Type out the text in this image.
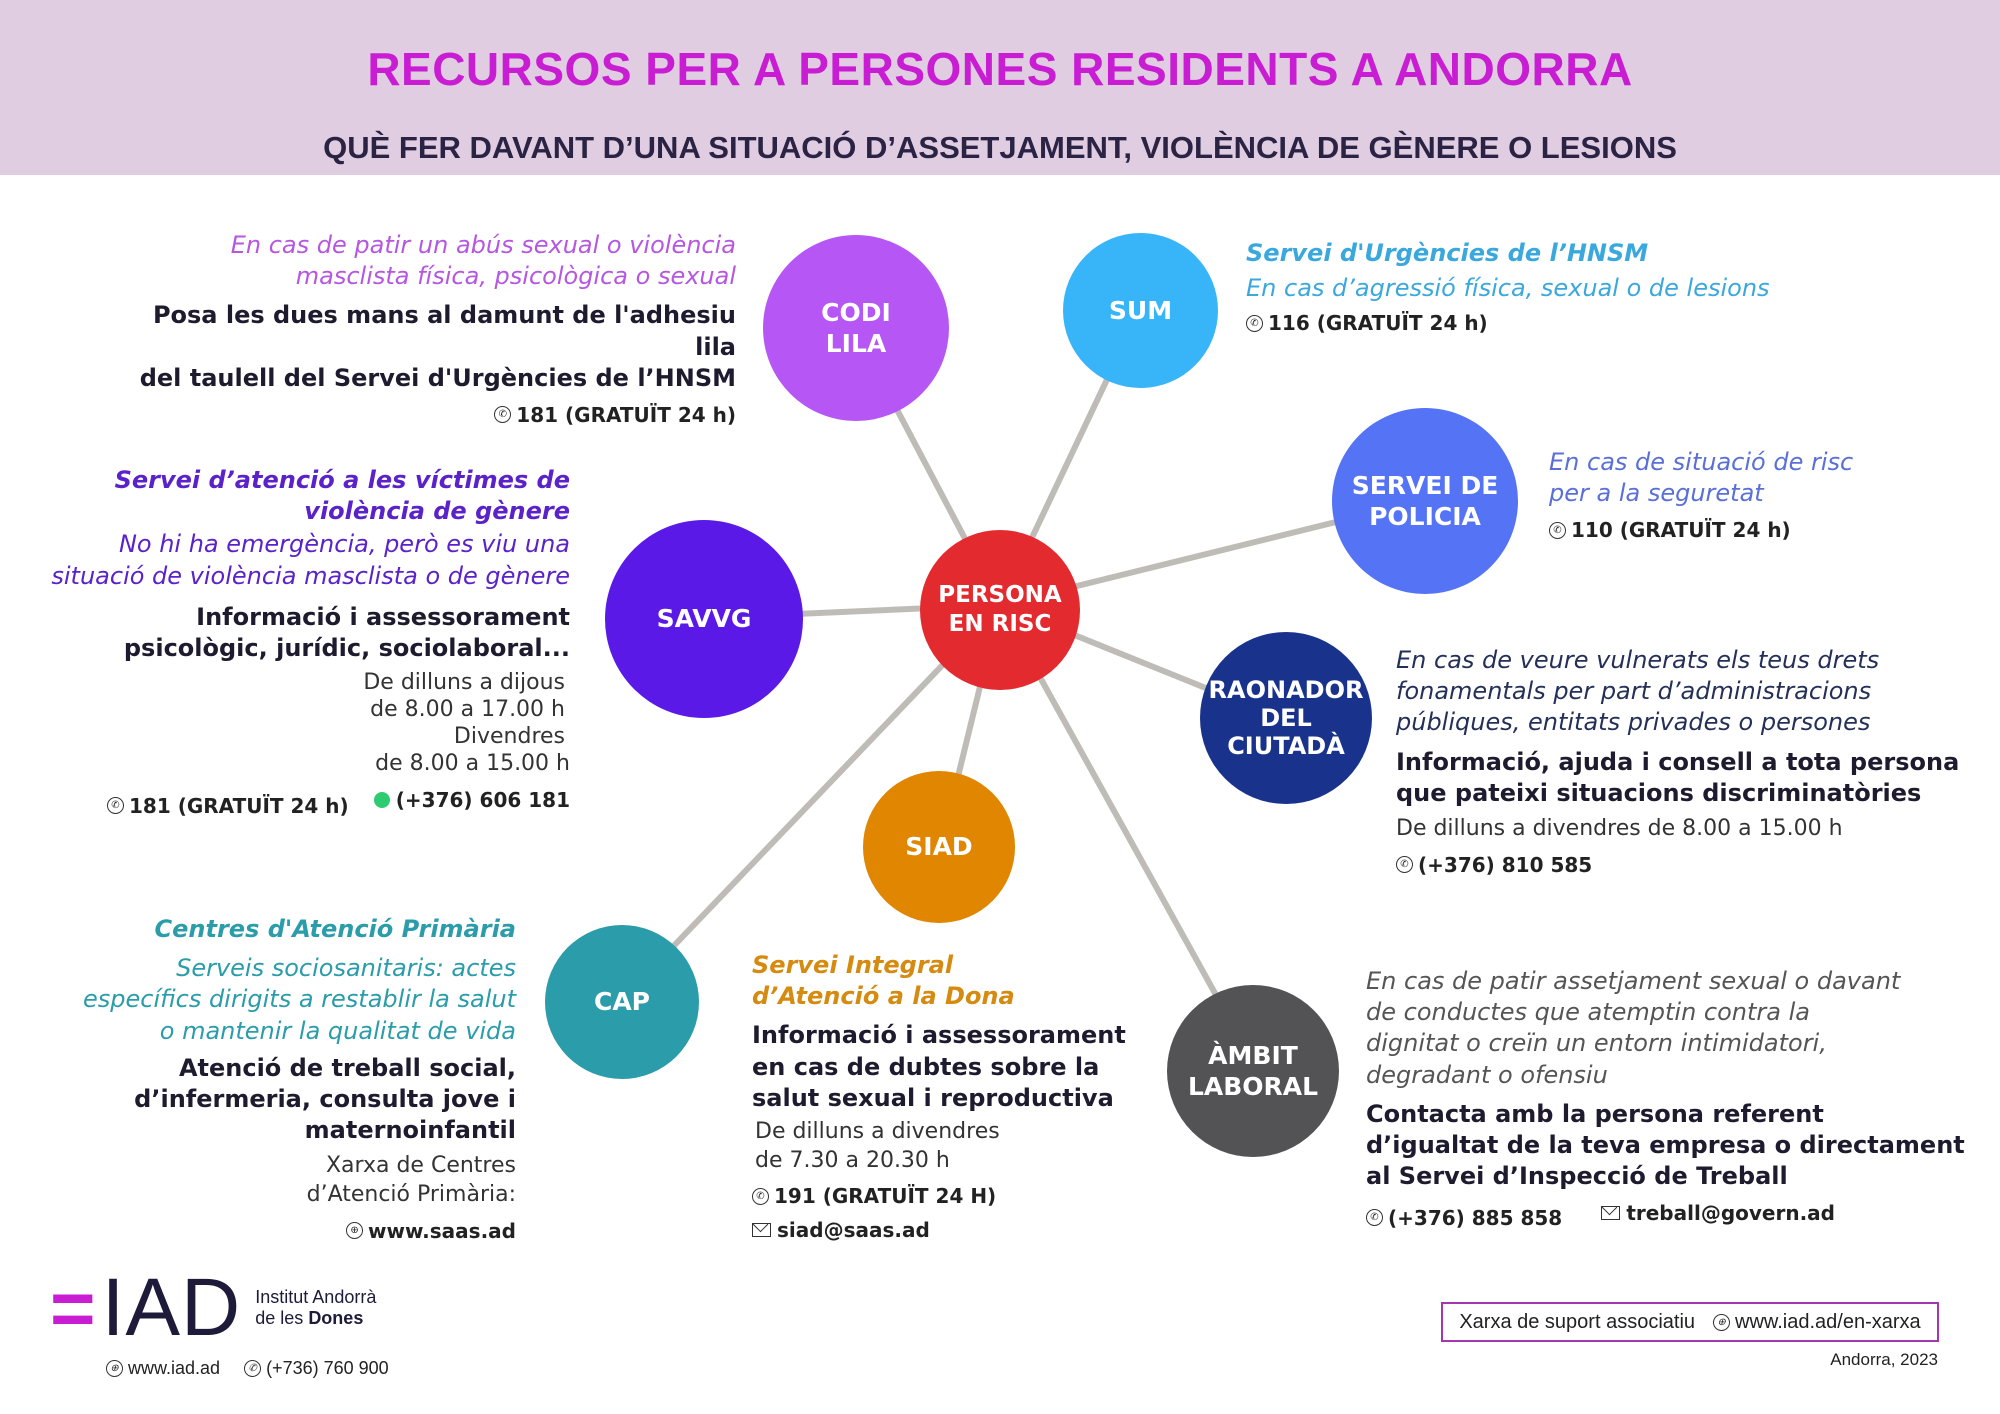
RECURSOS PER A PERSONES RESIDENTS A ANDORRA
QUÈ FER DAVANT D’UNA SITUACIÓ D’ASSETJAMENT, VIOLÈNCIA DE GÈNERE O LESIONS
PERSONA
EN RISC
CODI
LILA
SUM
SERVEI DE
POLICIA
RAONADOR
DEL
CIUTADÀ
ÀMBIT
LABORAL
SIAD
CAP
SAVVG
En cas de patir un abús sexual o violència
masclista física, psicològica o sexual
Posa les dues mans al damunt de l'adhesiu lila
del taulell del Servei d'Urgències de l’HNSM
✆ 181 (GRATUÏT 24 h)
Servei d'Urgències de l’HNSM
En cas d’agressió física, sexual o de lesions
✆ 116 (GRATUÏT 24 h)
En cas de situació de risc
per a la seguretat
✆ 110 (GRATUÏT 24 h)
En cas de veure vulnerats els teus drets
fonamentals per part d’administracions
públiques, entitats privades o persones
Informació, ajuda i consell a tota persona
que pateixi situacions discriminatòries
De dilluns a divendres de 8.00 a 15.00 h
✆ (+376) 810 585
En cas de patir assetjament sexual o davant
de conductes que atemptin contra la
dignitat o creïn un entorn intimidatori,
degradant o ofensiu
Contacta amb la persona referent
d’igualtat de la teva empresa o directament
al Servei d’Inspecció de Treball
✆ (+376) 885 858
	treball@govern.ad
Servei Integral
d’Atenció a la Dona
Informació i assessorament
en cas de dubtes sobre la
salut sexual i reproductiva
De dilluns a divendres
de 7.30 a 20.30 h
✆ 191 (GRATUÏT 24 H)
siad@saas.ad
Centres d'Atenció Primària
Serveis sociosanitaris: actes
específics dirigits a restablir la salut
o mantenir la qualitat de vida
Atenció de treball social,
d’infermeria, consulta jove i
maternoinfantil
Xarxa de Centres
d’Atenció Primària:
⊕ www.saas.ad
Servei d’atenció a les víctimes de
violència de gènere
No hi ha emergència, però es viu una
situació de violència masclista o de gènere
Informació i assessorament
psicològic, jurídic, sociolaboral...
De dilluns a dijous
de 8.00 a 17.00 h
Divendres
de 8.00 a 15.00 h
✆ 181 (GRATUÏT 24 h)
(+376) 606 181
= IAD Institut Andorrà
de les Dones
⊕ www.iad.ad	✆ (+736) 760 900
Xarxa de suport associatiu	⊕ www.iad.ad/en-xarxa
Andorra, 2023
